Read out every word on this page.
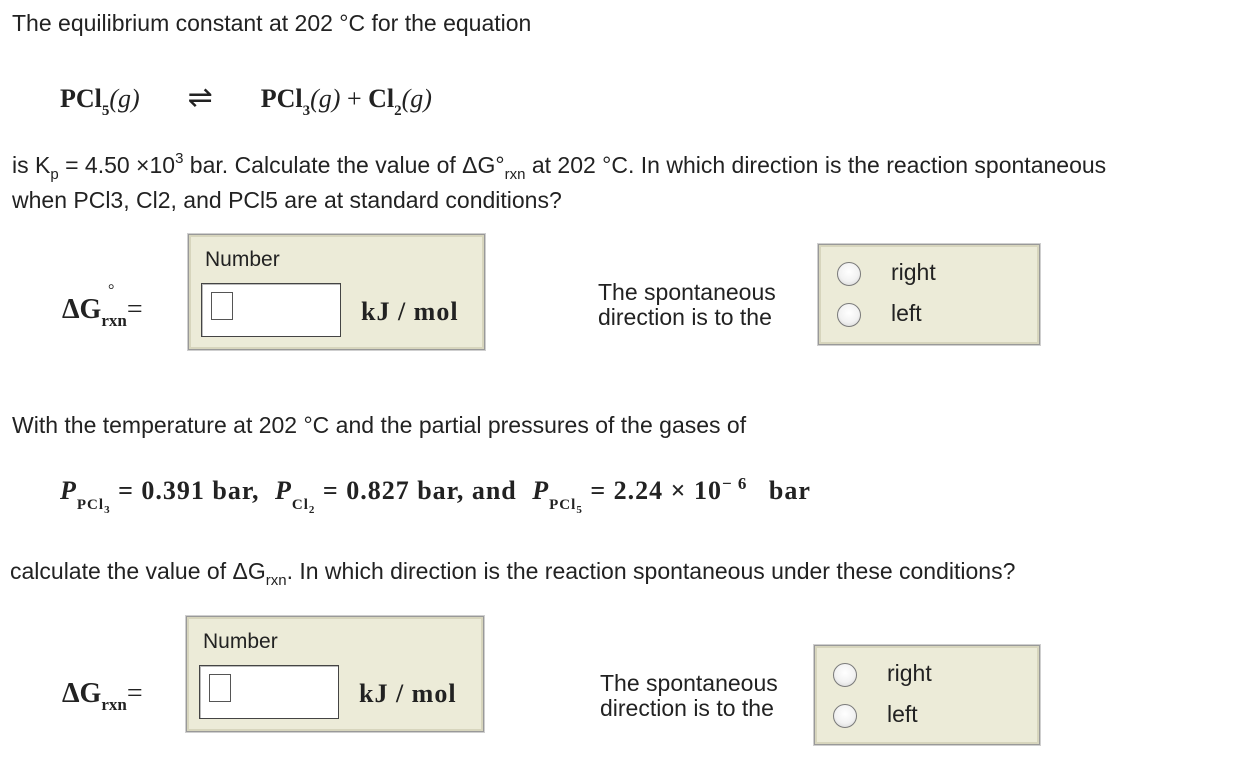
The equilibrium constant at 202 °C for the equation
PCl$_5$(g) ⇌ $PCl_3(g) + Cl_2(g)$
is $K_p = 4.50 \times 10^3$ bar. Calculate the value of $\Delta G^\circ_{rxn}$ at 202 °C. In which direction is the reaction spontaneous
when PCl3, Cl2, and PCl5 are at standard conditions?
ΔG
°
$_{rxn}$=
Number
kJ / mol
The spontaneous
direction is to the
right
left
With the temperature at 202 °C and the partial pressures of the gases of
$P_{PCl_3} = 0.391$ bar, $P_{Cl_2} = 0.827$ bar, and $P_{PCl_5} = 2.24 \times 10^{- 6}$ bar
calculate the value of $\Delta G_{rxn}$. In which direction is the reaction spontaneous under these conditions?
$\Delta G_{rxn}=$
Number
kJ / mol	The spontaneous
direction is to the
right
left
